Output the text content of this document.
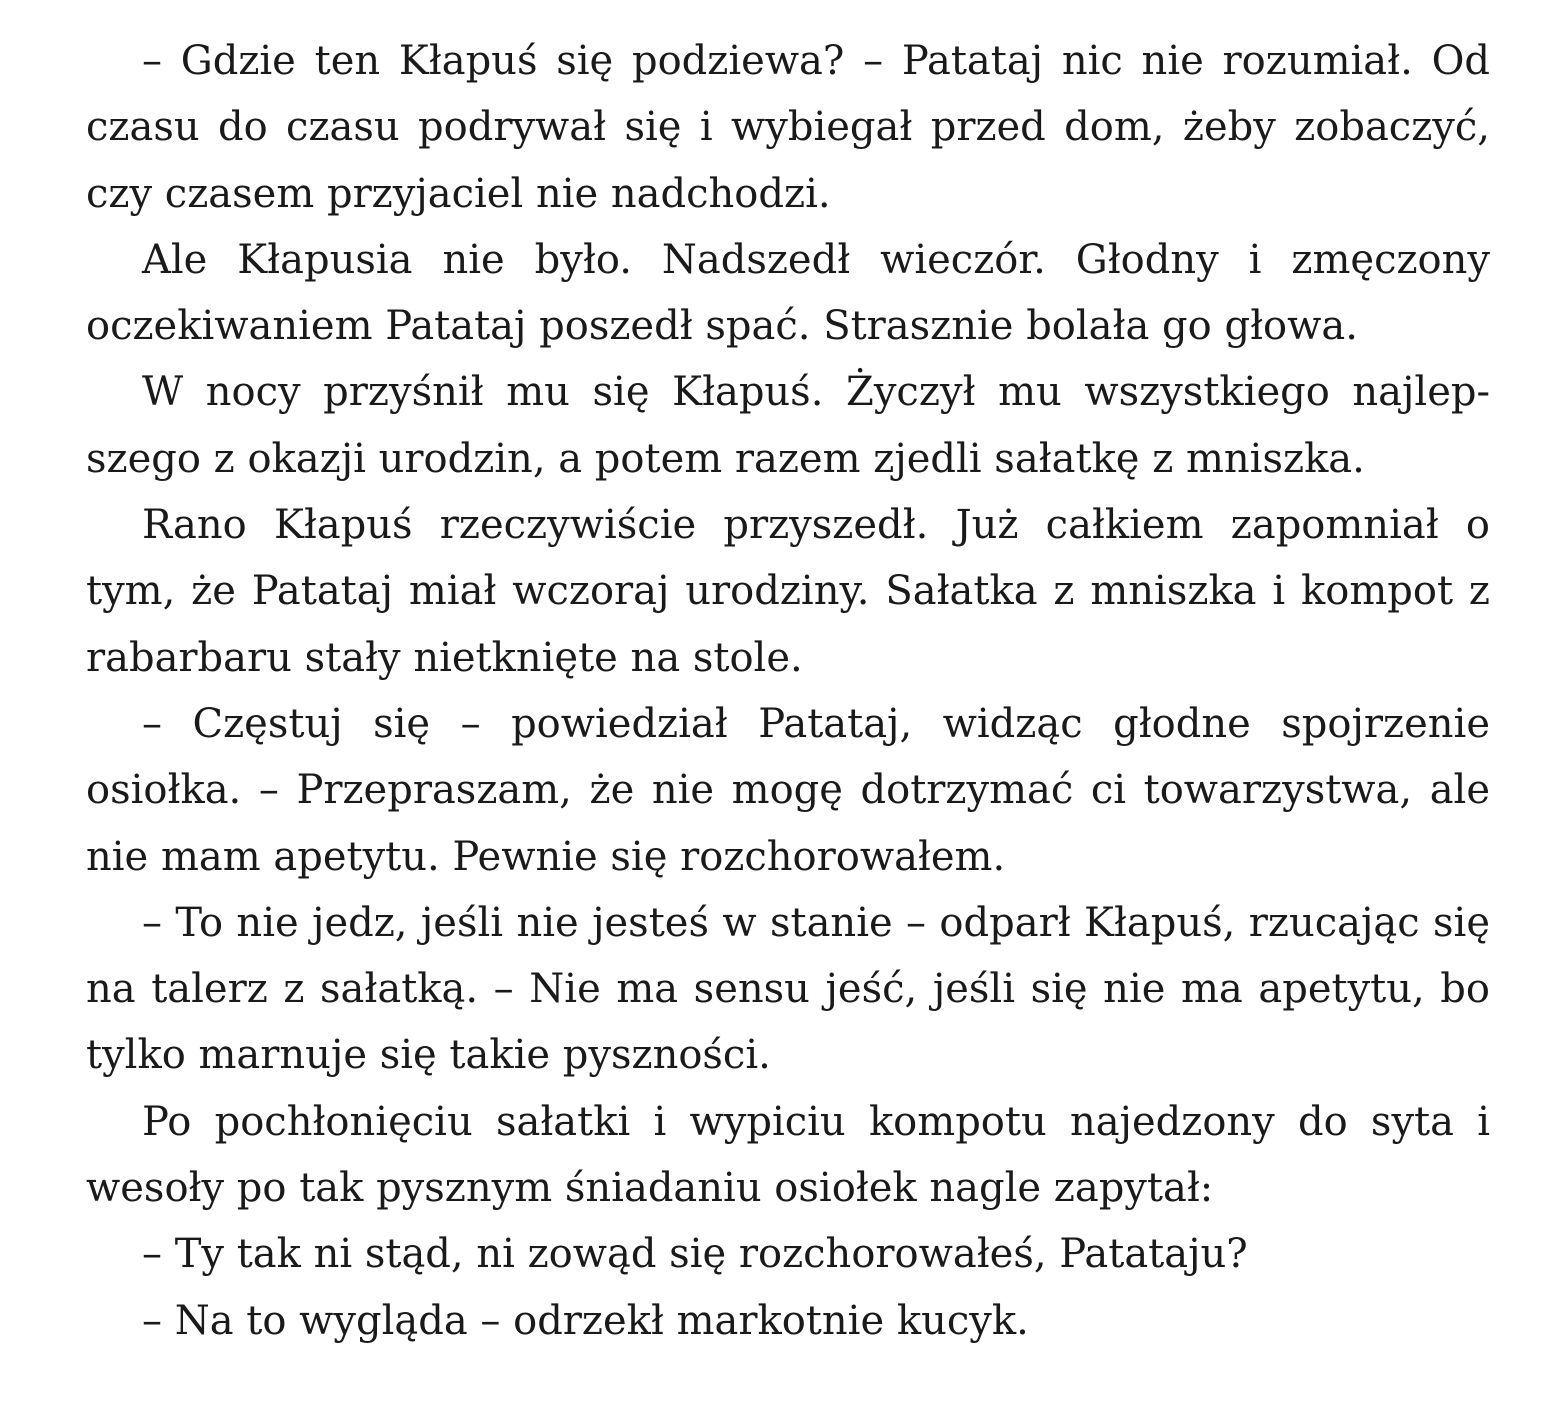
– Gdzie ten Kłapuś się podziewa? – Patataj nic nie rozumiał. Od czasu do czasu podrywał się i wybiegał przed dom, żeby zobaczyć, czy czasem przyjaciel nie nadchodzi.

Ale Kłapusia nie było. Nadszedł wieczór. Głodny i zmęczony oczekiwaniem Patataj poszedł spać. Strasznie bolała go głowa.

W nocy przyśnił mu się Kłapuś. Życzył mu wszystkiego najlepszego z okazji urodzin, a potem razem zjedli sałatkę z mniszka.

Rano Kłapuś rzeczywiście przyszedł. Już całkiem zapomniał o tym, że Patataj miał wczoraj urodziny. Sałatka z mniszka i kompot z rabarbaru stały nietknięte na stole.

– Częstuj się – powiedział Patataj, widząc głodne spojrzenie osiołka. – Przepraszam, że nie mogę dotrzymać ci towarzystwa, ale nie mam apetytu. Pewnie się rozchorowałem.

– To nie jedz, jeśli nie jesteś w stanie – odparł Kłapuś, rzucając się na talerz z sałatką. – Nie ma sensu jeść, jeśli się nie ma apetytu, bo tylko marnuje się takie pyszności.

Po pochłonięciu sałatki i wypiciu kompotu najedzony do syta i wesoły po tak pysznym śniadaniu osiołek nagle zapytał:

– Ty tak ni stąd, ni zowąd się rozchorowałeś, Patataju?

– Na to wygląda – odrzekł markotnie kucyk.
